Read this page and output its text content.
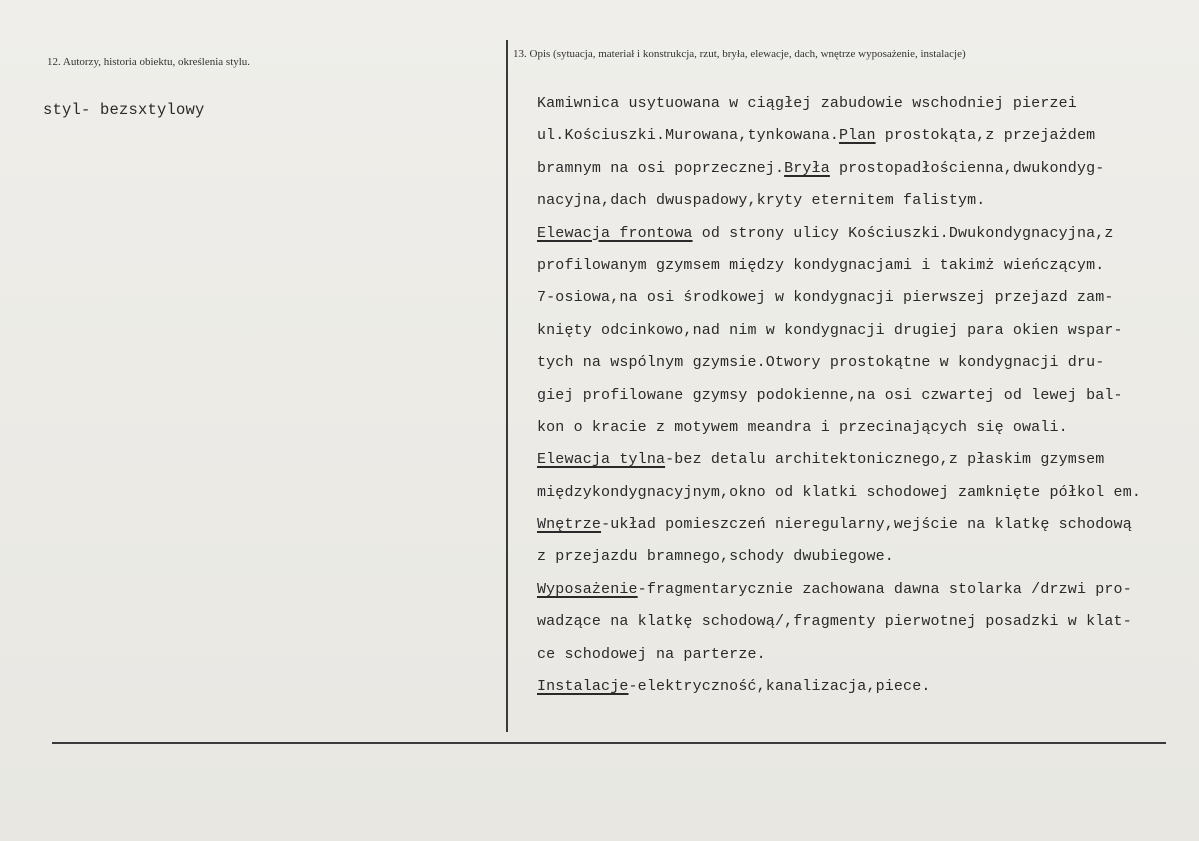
12. Autorzy, historia obiektu, określenia stylu.
13. Opis (sytuacja, materiał i konstrukcja, rzut, bryła, elewacje, dach, wnętrze wyposażenie, instalacje)
styl- bezsxtylowy	Kamiwnica usytuowana w ciągłej zabudowie wschodniej pierzei
ul.Kościuszki.Murowana,tynkowana.Plan prostokąta,z przejażdem
bramnym na osi poprzecznej.Bryła prostopadłościenna,dwukondyg-
nacyjna,dach dwuspadowy,kryty eternitem falistym.
Elewacja frontowa od strony ulicy Kościuszki.Dwukondygnacyjna,z
profilowanym gzymsem między kondygnacjami i takimż wieńczącym.
7-osiowa,na osi środkowej w kondygnacji pierwszej przejazd zam-
knięty odcinkowo,nad nim w kondygnacji drugiej para okien wspar-
tych na wspólnym gzymsie.Otwory prostokątne w kondygnacji dru-
giej profilowane gzymsy podokienne,na osi czwartej od lewej bal-
kon o kracie z motywem meandra i przecinających się owali.
Elewacja tylna-bez detalu architektonicznego,z płaskim gzymsem
międzykondygnacyjnym,okno od klatki schodowej zamknięte półkol em.
Wnętrze-układ pomieszczeń nieregularny,wejście na klatkę schodową
z przejazdu bramnego,schody dwubiegowe.
Wyposażenie-fragmentarycznie zachowana dawna stolarka /drzwi pro-
wadzące na klatkę schodową/,fragmenty pierwotnej posadzki w klat-
ce schodowej na parterze.
Instalacje-elektryczność,kanalizacja,piece.
